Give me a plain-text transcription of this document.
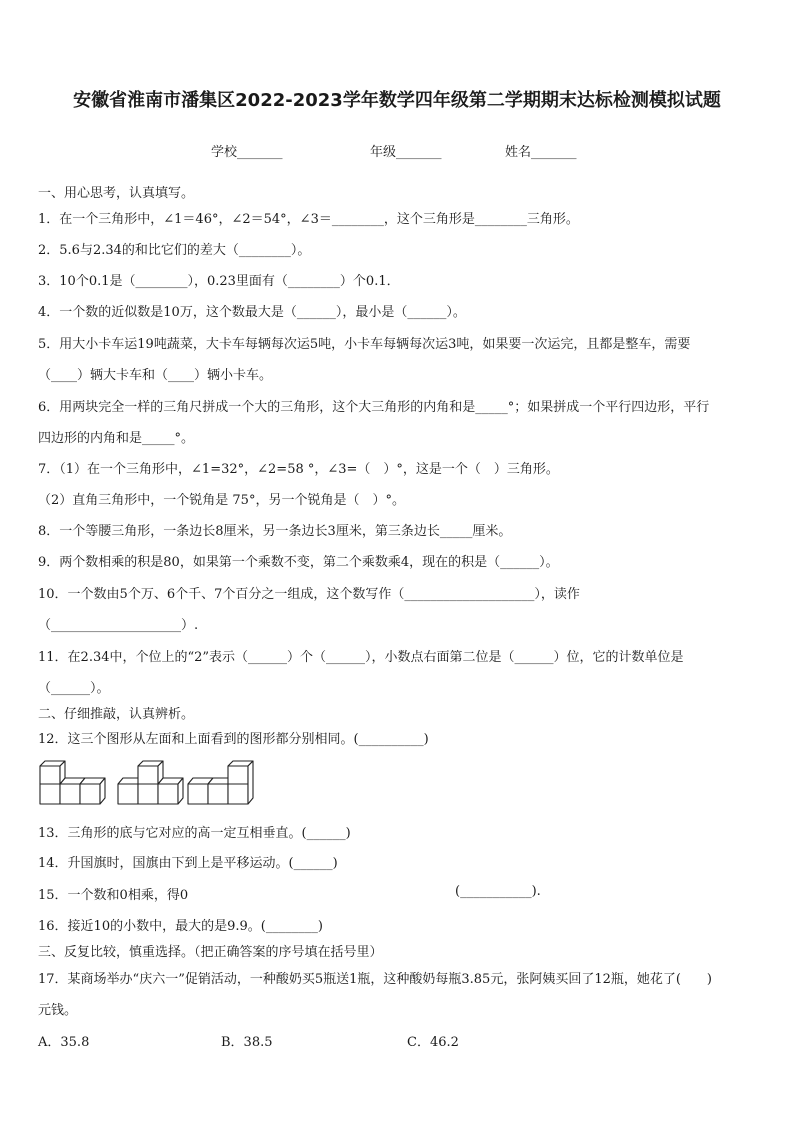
安徽省淮南市潘集区2022-2023学年数学四年级第二学期期末达标检测模拟试题
学校_______	年级_______	姓名_______
一、用心思考，认真填写。
1．在一个三角形中，∠1＝46°，∠2＝54°，∠3＝________，这个三角形是________三角形。
2．5.6与2.34的和比它们的差大（________）。
3．10个0.1是（________），0.23里面有（________）个0.1．
4．一个数的近似数是10万，这个数最大是（______），最小是（______）。
5．用大小卡车运19吨蔬菜，大卡车每辆每次运5吨，小卡车每辆每次运3吨，如果要一次运完，且都是整车，需要
（____）辆大卡车和（____）辆小卡车。
6．用两块完全一样的三角尺拼成一个大的三角形，这个大三角形的内角和是_____°；如果拼成一个平行四边形，平行
四边形的内角和是_____°。
7．（1）在一个三角形中，∠1=32°，∠2=58 °，∠3=（　）°，这是一个（　）三角形。
（2）直角三角形中，一个锐角是 75°，另一个锐角是（　）°。
8．一个等腰三角形，一条边长8厘米，另一条边长3厘米，第三条边长_____厘米。
9．两个数相乘的积是80，如果第一个乘数不变，第二个乘数乘4，现在的积是（______）。
10．一个数由5个万、6个千、7个百分之一组成，这个数写作（____________________），读作
（____________________）.
11．在2.34中，个位上的“2”表示（______）个（______），小数点右面第二位是（______）位，它的计数单位是
（______）。
二、仔细推敲，认真辨析。
12．这三个图形从左面和上面看到的图形都分别相同。(__________)
13．三角形的底与它对应的高一定互相垂直。(______)
14．升国旗时，国旗由下到上是平移运动。(______)
15．一个数和0相乘，得0	(___________).
16．接近10的小数中，最大的是9.9。(________)
三、反复比较，慎重选择。（把正确答案的序号填在括号里）
17．某商场举办“庆六一”促销活动，一种酸奶买5瓶送1瓶，这种酸奶每瓶3.85元，张阿姨买回了12瓶，她花了(　　)
元钱。
A．35.8	B．38.5	C．46.2
